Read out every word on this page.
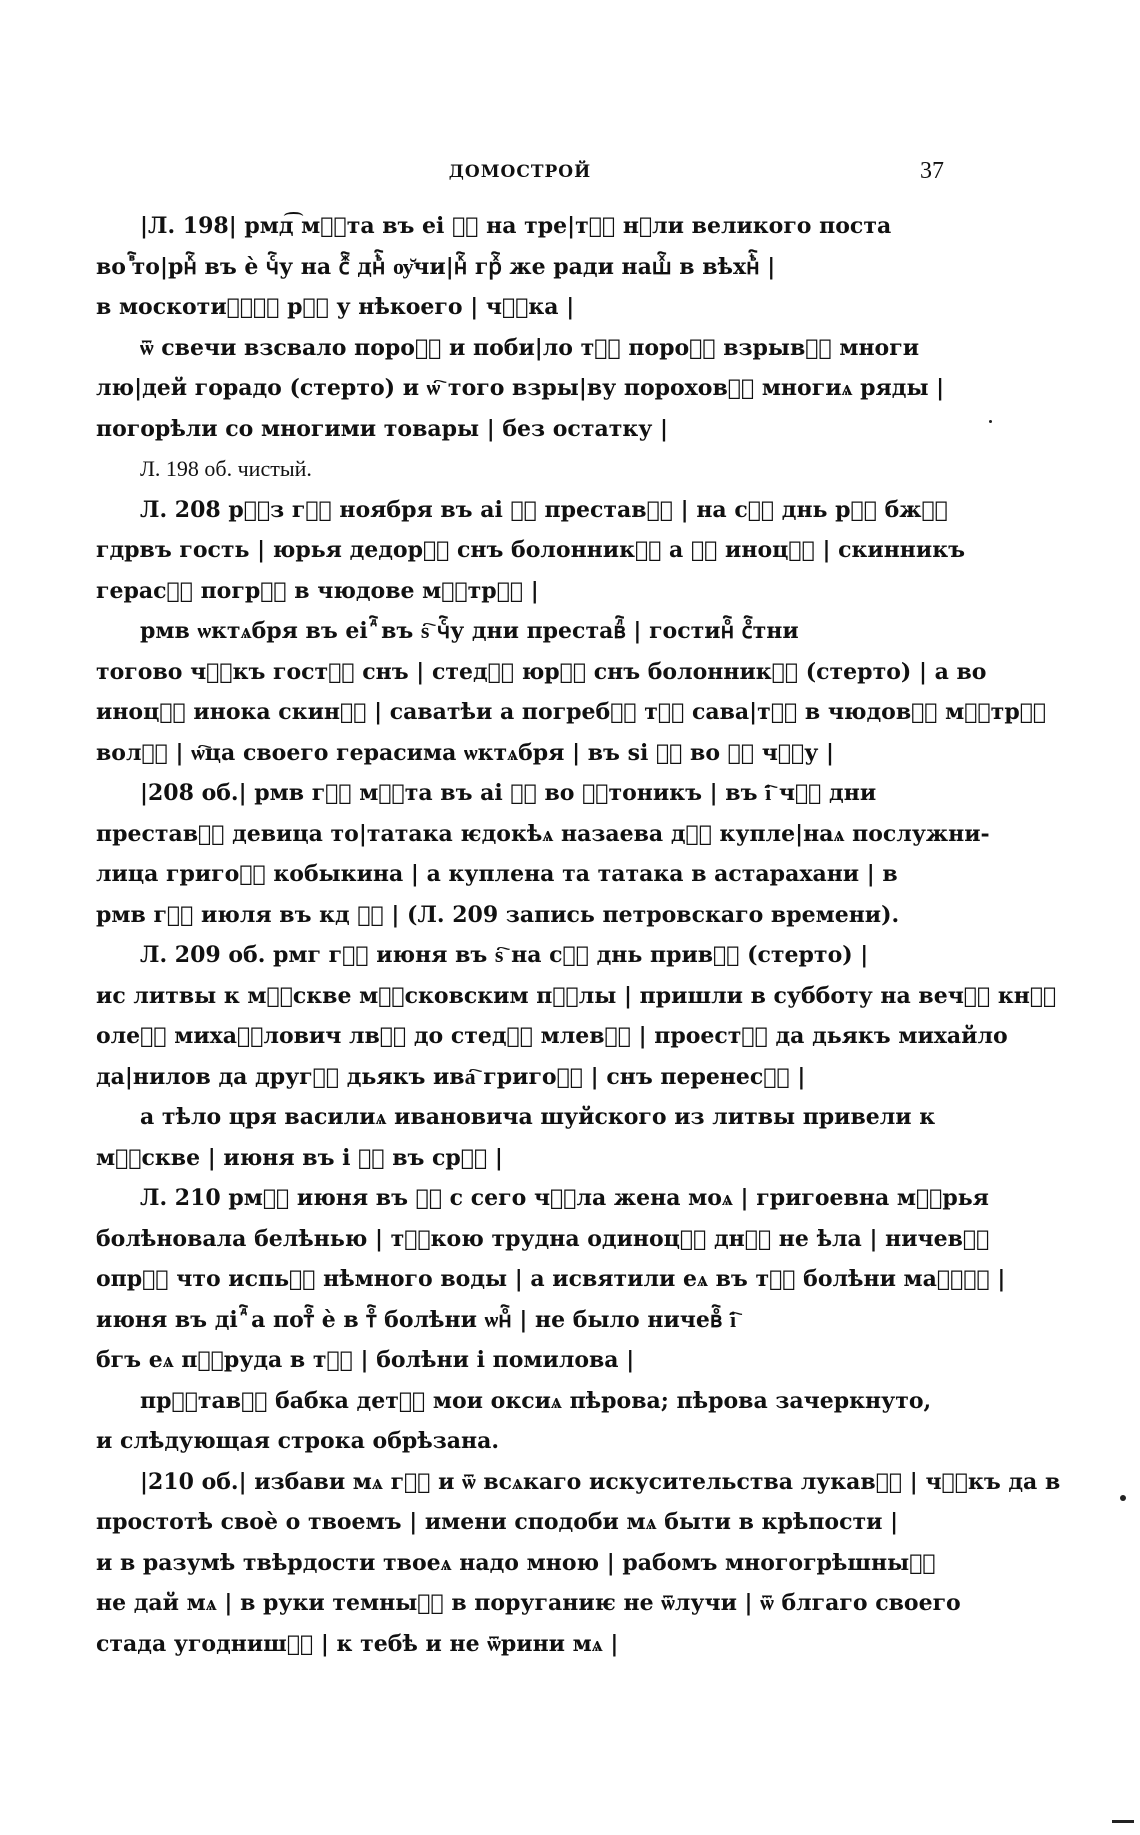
ДОМОСТРОЙ	37

|Л. 198| рмд͡ мⷭ҇та въ еі ⷣ҇ на тре|тⷮ҇ нⷣли великого поста
во ⷡ҇то|рнⷦ҇ въ ѐ чⷭ҇у на сⷤ҇ днⷺ҇ ѹ̆чи|нⷦ҇ грⷯ҇ же ради нашⷯ҇ в вѣхнⷺ҇ |
в москотиⷩ҇ⷪ҇ рⷺ҇ у нѣкоего | чⷧ҇ка |

ѿ свечи взсвало пороⷯ҇ и поби|ло тⷺ҇ пороⷯ҇ взрывⷪ҇ многи
лю|дей горадо (стерто) и ѡ҇ того взры|ву пороховⷪ҇ многиѧ ряды |
погорѣли со многими товары | без остатку |

Л. 198 об. чистый.

Л. 208 рⷥ҇з гⷪ҇ ноября въ аі ⷣ҇ преставⷧ҇ | на сⷤ҇ днь рⷪ҇ бжⷤ҇
гдрвъ гость | юрья дедорⷪ҇ снъ болонникⷪ҇ а ⷪ҇ иноцⷺ҇ | скинникъ
герасⷨ҇ погрⷺ҇ в чюдове мⷩ҇трⷺ҇ |

рмв ѡктѧбря въ еі ⷣ҇ въ ѕ҇ чⷭ҇у дни преставⷧ҇ | гостинⷪ҇ сⷪ҇тни
тогово чⷧ҇къ гостⷤ҇ снъ | стедⷤ҇ юрⷺ҇ снъ болонникⷪ҇ (стерто) | а во
иноцⷺ҇ инока скинⷩ҇ | саватѣи а погребⷺ҇ тⷪ҇ сава|тⷺ҇ в чюдовⷺ҇ мⷩ҇трⷺ҇
волⷯ҇ | ѡ҇ца своего герасима ѡктѧбря | въ ѕі ⷣ҇ во ⷡ҇ чⷭ҇у |

|208 об.| рмв гⷪ҇ мⷭ҇та въ аі ⷣ҇ во ⷡ҇тоникъ | въ і҇ чⷭ҇ дни
преставⷧ҇ девица то|татака ѥдокѣѧ назаева дⷪ҇ купле|наѧ послужни-
лица григоⷧ҇ кобыкина | а куплена та татака в астарахани | в
рмв гⷪ҇ июля въ кд ⷣ҇ | (Л. 209 запись петровскаго времени).

Л. 209 об. рмг гⷪ҇ июня въ ѕ҇ на сⷤ҇ днь привⷺ҇ (стерто) |
ис литвы к мⷪ҇скве мⷪ҇сковским пⷪ҇лы | пришли в субботу на вечⷺ҇ кнⷥ҇
олеⷯ҇ михаⷧ҇лович лвⷪ҇ до стедⷤ҇ млевⷤ҇ | проестⷺ҇ да дьякъ михайло
да|нилов да другⷪ҇ дьякъ ива҇ григоⷺ҇ | снъ перенесⷪ҇ |

а тѣло цря василиѧ ивановича шуйского из литвы привели к
мⷪ҇скве | июня въ і ⷣ҇ въ срⷺ҇ |

Л. 210 рмⷣ҇ июня въ ⷣ҇ с сего чⷭ҇ла жена моѧ | григоевна мⷭ҇рья
болѣновала белѣнью | тⷥ҇кою трудна одиноцⷺ҇ днⷺ҇ не ѣла | ничевⷪ҇
опрⷤ҇ что испьⷺ҇ нѣмного воды | а исвятили еѧ въ тⷪ҇ болѣни маⷧ҇ⷪ҇ |
июня въ ді ⷣ҇ а потⷪ҇ ѐ в тⷪ҇ болѣни ѡнⷪ҇ | не было ничевⷪ҇ і҇
бгъ еѧ пⷪ҇руда в тⷪ҇ | болѣни і помилова |

прⷭ҇тавⷤ҇ бабка детⷺ҇ мои оксиѧ пѣрова; пѣрова зачеркнуто,
и слѣдующая строка обрѣзана.

|210 об.| избави мѧ гⷭ҇ и ѿ всѧкаго искусительства лукавⷤ҇ | чⷧ҇къ да в
простотѣ своѐ о твоемъ | имени сподоби мѧ быти в крѣпости |
и в разумѣ твѣрдости твоеѧ надо мною | рабомъ многогрѣшныⷨ҇
не дай мѧ | в руки темныⷯ҇ в поруганиѥ не ѿлучи | ѿ блгаго своего
стада угоднишⷩ҇ | к тебѣ и не ѿрини мѧ |
